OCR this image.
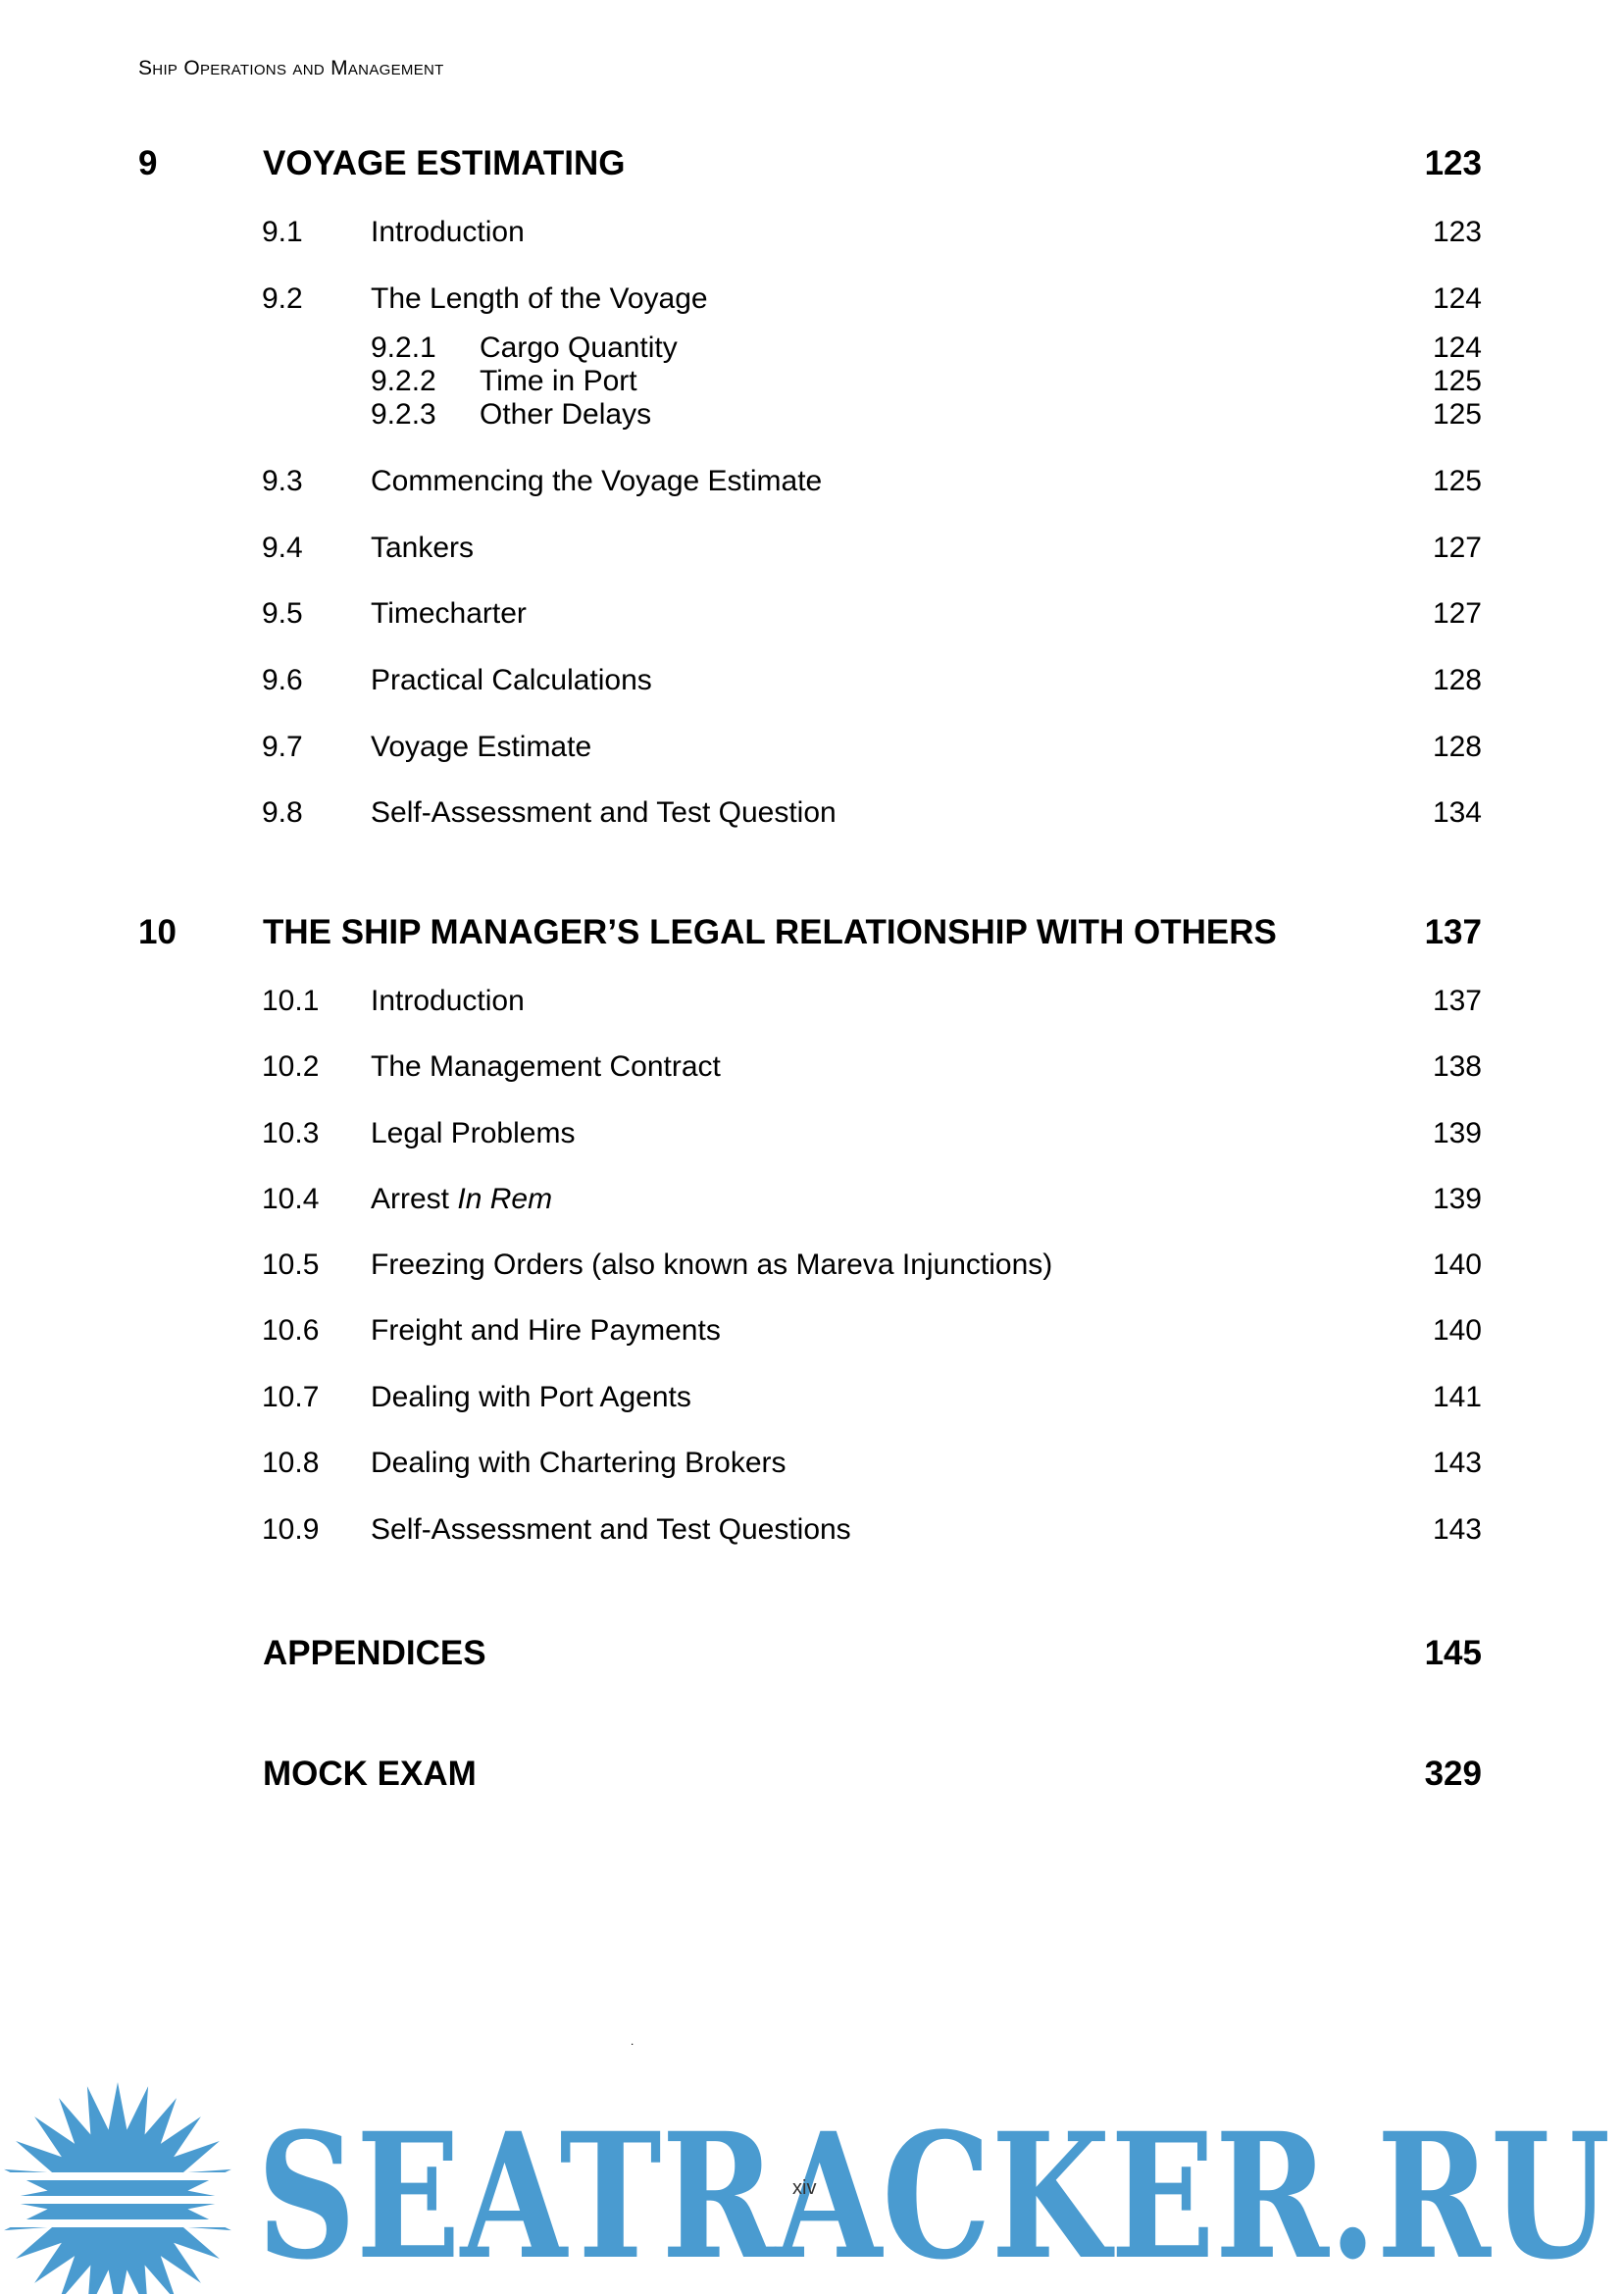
Ship Operations and Management
9	VOYAGE ESTIMATING	123
9.1 Introduction	123
9.2 The Length of the Voyage	124
9.2.1 Cargo Quantity	124
9.2.2 Time in Port	125
9.2.3 Other Delays	125
9.3 Commencing the Voyage Estimate	125
9.4 Tankers	127
9.5 Timecharter	127
9.6 Practical Calculations	128
9.7 Voyage Estimate	128
9.8 Self-Assessment and Test Question	134
10	THE SHIP MANAGER’S LEGAL RELATIONSHIP WITH OTHERS	137
10.1 Introduction	137
10.2 The Management Contract	138
10.3 Legal Problems	139
10.4 Arrest In Rem	139
10.5 Freezing Orders (also known as Mareva Injunctions)	140
10.6 Freight and Hire Payments	140
10.7 Dealing with Port Agents	141
10.8 Dealing with Chartering Brokers	143
10.9 Self-Assessment and Test Questions	143
APPENDICES	145
MOCK EXAM	329
.
SEATRACKER.RU
xiv
